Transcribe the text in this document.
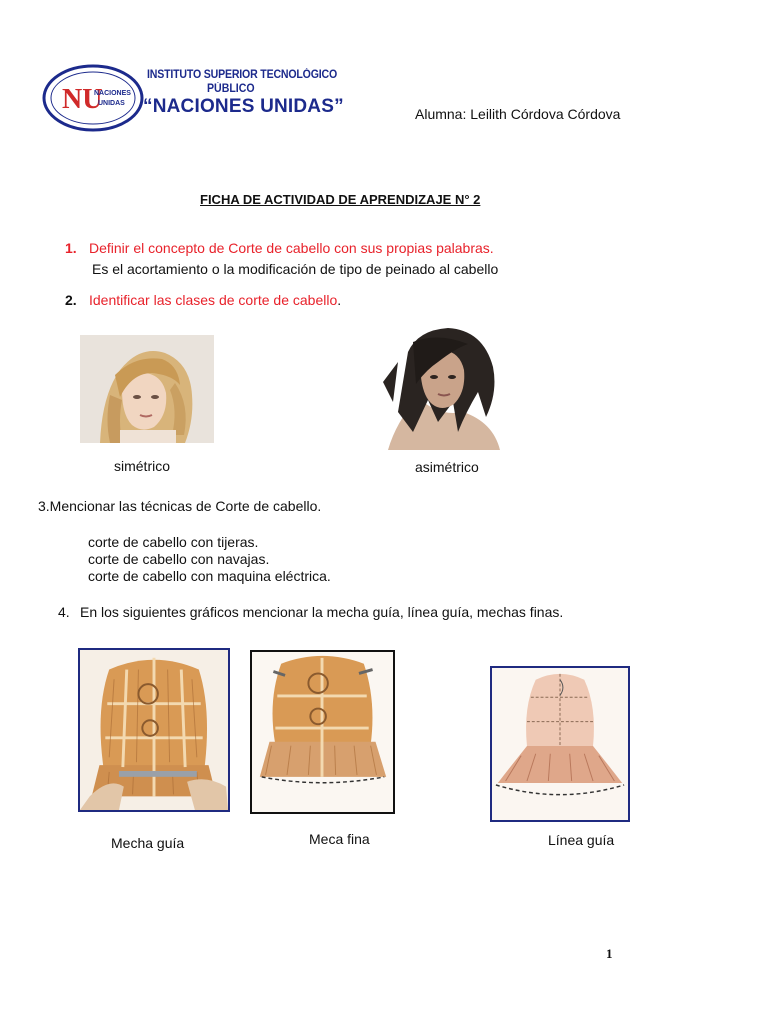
NU
NACIONES
UNIDAS
INSTITUTO SUPERIOR TECNOLÓGICO
PÚBLICO
“NACIONES UNIDAS”	Alumna: Leilith Córdova Córdova
FICHA DE ACTIVIDAD DE APRENDIZAJE N° 2
1. Definir el concepto de Corte de cabello con sus propias palabras.
Es el acortamiento o la modificación de tipo de peinado al cabello
2. Identificar las clases de corte de cabello.
simétrico	asimétrico
3.Mencionar las técnicas de Corte de cabello.
corte de cabello con tijeras.
corte de cabello con navajas.
corte de cabello con maquina eléctrica.
4. En los siguientes gráficos mencionar la mecha guía, línea guía, mechas finas.
Mecha guía	Meca fina	Línea guía
1
